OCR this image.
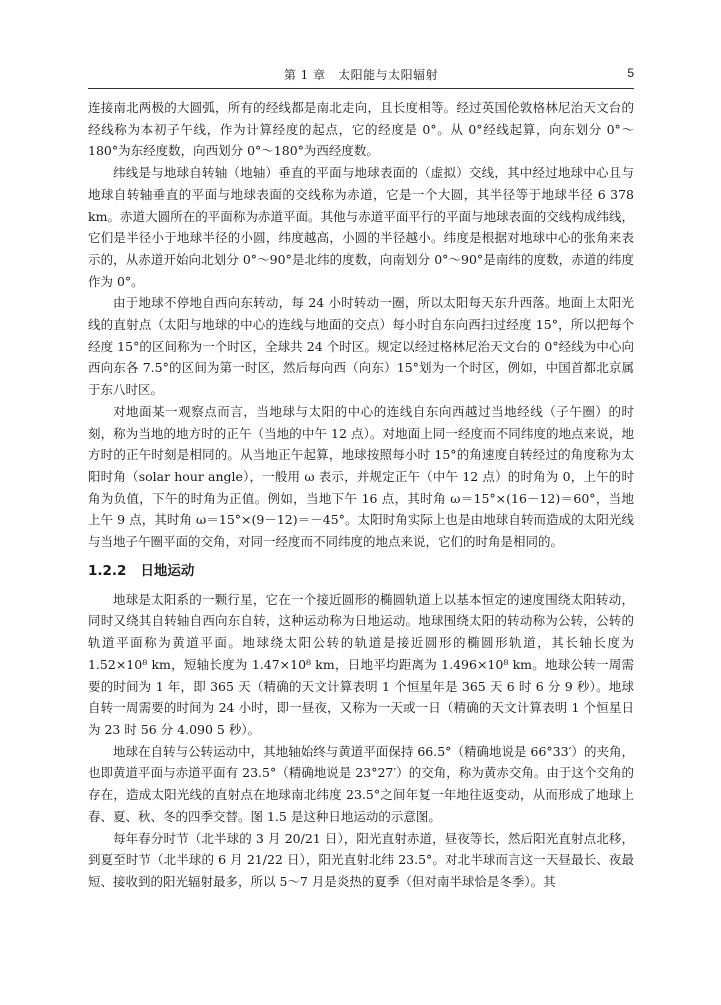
第 1 章　太阳能与太阳辐射	5

连接南北两极的大圆弧，所有的经线都是南北走向，且长度相等。经过英国伦敦格林尼治天文台的经线称为本初子午线，作为计算经度的起点，它的经度是 0°。从 0°经线起算，向东划分 0°～180°为东经度数，向西划分 0°～180°为西经度数。

纬线是与地球自转轴（地轴）垂直的平面与地球表面的（虚拟）交线，其中经过地球中心且与地球自转轴垂直的平面与地球表面的交线称为赤道，它是一个大圆，其半径等于地球半径 6 378 km。赤道大圆所在的平面称为赤道平面。其他与赤道平面平行的平面与地球表面的交线构成纬线，它们是半径小于地球半径的小圆，纬度越高，小圆的半径越小。纬度是根据对地球中心的张角来表示的，从赤道开始向北划分 0°～90°是北纬的度数，向南划分 0°～90°是南纬的度数，赤道的纬度作为 0°。

由于地球不停地自西向东转动，每 24 小时转动一圈，所以太阳每天东升西落。地面上太阳光线的直射点（太阳与地球的中心的连线与地面的交点）每小时自东向西扫过经度 15°，所以把每个经度 15°的区间称为一个时区，全球共 24 个时区。规定以经过格林尼治天文台的 0°经线为中心向西向东各 7.5°的区间为第一时区，然后每向西（向东）15°划为一个时区，例如，中国首都北京属于东八时区。

对地面某一观察点而言，当地球与太阳的中心的连线自东向西越过当地经线（子午圈）的时刻，称为当地的地方时的正午（当地的中午 12 点）。对地面上同一经度而不同纬度的地点来说，地方时的正午时刻是相同的。从当地正午起算，地球按照每小时 15°的角速度自转经过的角度称为太阳时角（solar hour angle），一般用 ω 表示，并规定正午（中午 12 点）的时角为 0，上午的时角为负值，下午的时角为正值。例如，当地下午 16 点，其时角 ω＝15°×(16－12)＝60°，当地上午 9 点，其时角 ω＝15°×(9－12)＝－45°。太阳时角实际上也是由地球自转而造成的太阳光线与当地子午圈平面的交角，对同一经度而不同纬度的地点来说，它们的时角是相同的。

1.2.2 日地运动

地球是太阳系的一颗行星，它在一个接近圆形的椭圆轨道上以基本恒定的速度围绕太阳转动，同时又绕其自转轴自西向东自转，这种运动称为日地运动。地球围绕太阳的转动称为公转，公转的轨道平面称为黄道平面。地球绕太阳公转的轨道是接近圆形的椭圆形轨道，其长轴长度为 1.52×10⁸ km，短轴长度为 1.47×10⁸ km，日地平均距离为 1.496×10⁸ km。地球公转一周需要的时间为 1 年，即 365 天（精确的天文计算表明 1 个恒星年是 365 天 6 时 6 分 9 秒）。地球自转一周需要的时间为 24 小时，即一昼夜，又称为一天或一日（精确的天文计算表明 1 个恒星日为 23 时 56 分 4.090 5 秒）。

地球在自转与公转运动中，其地轴始终与黄道平面保持 66.5°（精确地说是 66°33′）的夹角，也即黄道平面与赤道平面有 23.5°（精确地说是 23°27′）的交角，称为黄赤交角。由于这个交角的存在，造成太阳光线的直射点在地球南北纬度 23.5°之间年复一年地往返变动，从而形成了地球上春、夏、秋、冬的四季交替。图 1.5 是这种日地运动的示意图。

每年春分时节（北半球的 3 月 20/21 日），阳光直射赤道，昼夜等长，然后阳光直射点北移，到夏至时节（北半球的 6 月 21/22 日），阳光直射北纬 23.5°。对北半球而言这一天昼最长、夜最短、接收到的阳光辐射最多，所以 5～7 月是炎热的夏季（但对南半球恰是冬季）。其
